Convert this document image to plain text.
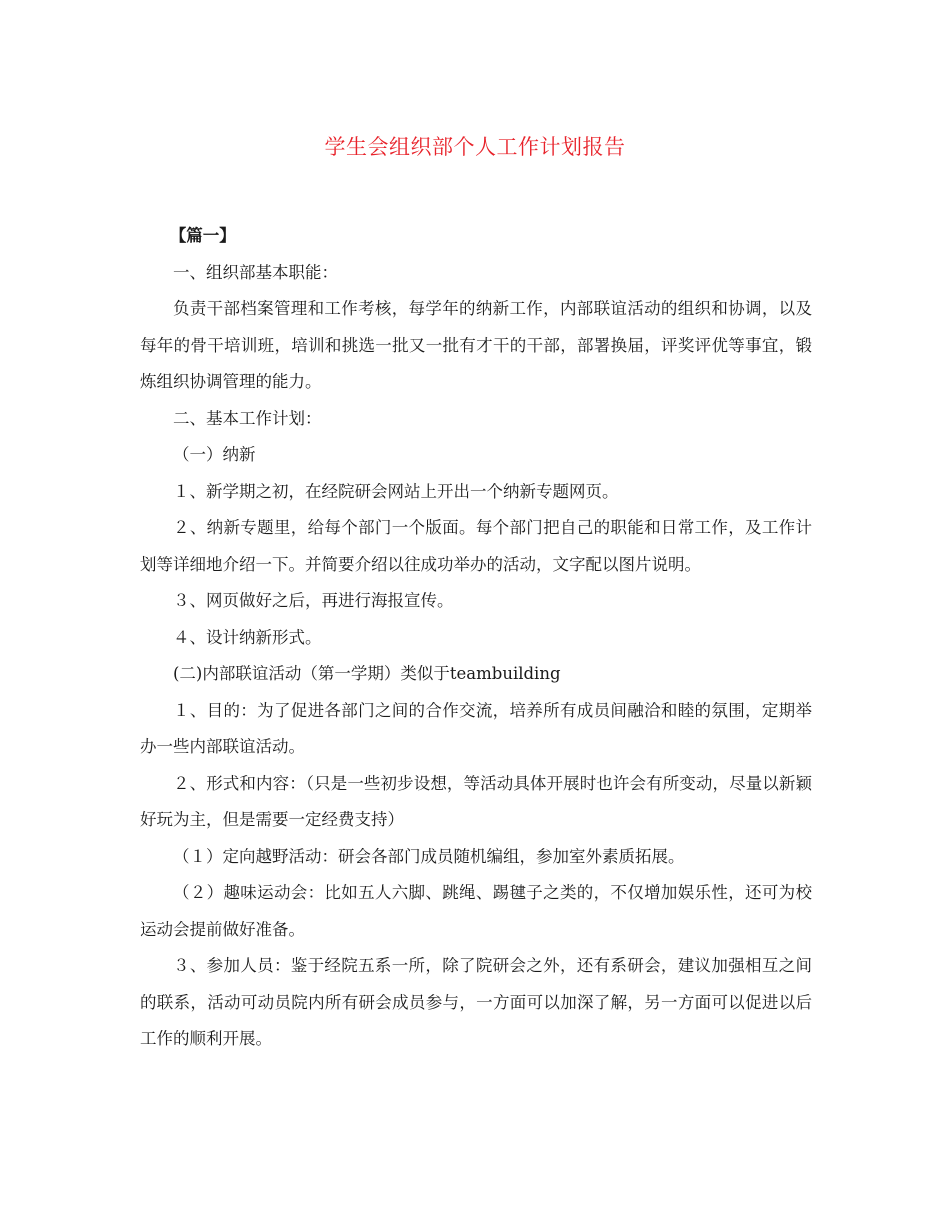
学生会组织部个人工作计划报告

【篇一】

一、组织部基本职能：

负责干部档案管理和工作考核，每学年的纳新工作，内部联谊活动的组织和协调，以及每年的骨干培训班，培训和挑选一批又一批有才干的干部，部署换届，评奖评优等事宜，锻炼组织协调管理的能力。

二、基本工作计划：

（一）纳新

１、新学期之初，在经院研会网站上开出一个纳新专题网页。

２、纳新专题里，给每个部门一个版面。每个部门把自己的职能和日常工作，及工作计划等详细地介绍一下。并简要介绍以往成功举办的活动，文字配以图片说明。

３、网页做好之后，再进行海报宣传。

４、设计纳新形式。

(二)内部联谊活动（第一学期）类似于teambuilding

１、目的：为了促进各部门之间的合作交流，培养所有成员间融洽和睦的氛围，定期举办一些内部联谊活动。

２、形式和内容：（只是一些初步设想，等活动具体开展时也许会有所变动，尽量以新颖好玩为主，但是需要一定经费支持）

（１）定向越野活动：研会各部门成员随机编组，参加室外素质拓展。

（２）趣味运动会：比如五人六脚、跳绳、踢毽子之类的，不仅增加娱乐性，还可为校运动会提前做好准备。

３、参加人员：鉴于经院五系一所，除了院研会之外，还有系研会，建议加强相互之间的联系，活动可动员院内所有研会成员参与，一方面可以加深了解，另一方面可以促进以后工作的顺利开展。
